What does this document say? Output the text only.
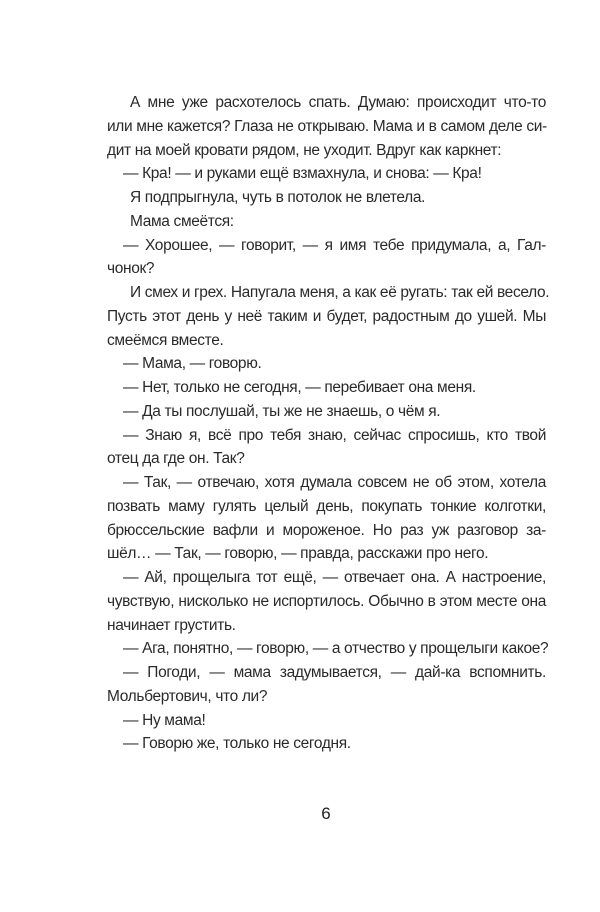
А мне уже расхотелось спать. Думаю: происходит что-то
или мне кажется? Глаза не открываю. Мама и в самом деле си-
дит на моей кровати рядом, не уходит. Вдруг как каркнет:
— Кра! — и руками ещё взмахнула, и снова: — Кра!
Я подпрыгнула, чуть в потолок не влетела.
Мама смеётся:
— Хорошее, — говорит, — я имя тебе придумала, а, Гал-
чонок?
И смех и грех. Напугала меня, а как её ругать: так ей весело.
Пусть этот день у неё таким и будет, радостным до ушей. Мы
смеёмся вместе.
— Мама, — говорю.
— Нет, только не сегодня, — перебивает она меня.
— Да ты послушай, ты же не знаешь, о чём я.
— Знаю я, всё про тебя знаю, сейчас спросишь, кто твой
отец да где он. Так?
— Так, — отвечаю, хотя думала совсем не об этом, хотела
позвать маму гулять целый день, покупать тонкие колготки,
брюссельские вафли и мороженое. Но раз уж разговор за-
шёл… — Так, — говорю, — правда, расскажи про него.
— Ай, прощелыга тот ещё, — отвечает она. А настроение,
чувствую, нисколько не испортилось. Обычно в этом месте она
начинает грустить.
— Ага, понятно, — говорю, — а отчество у прощелыги какое?
— Погоди, — мама задумывается, — дай-ка вспомнить.
Мольбертович, что ли?
— Ну мама!
— Говорю же, только не сегодня.
6
